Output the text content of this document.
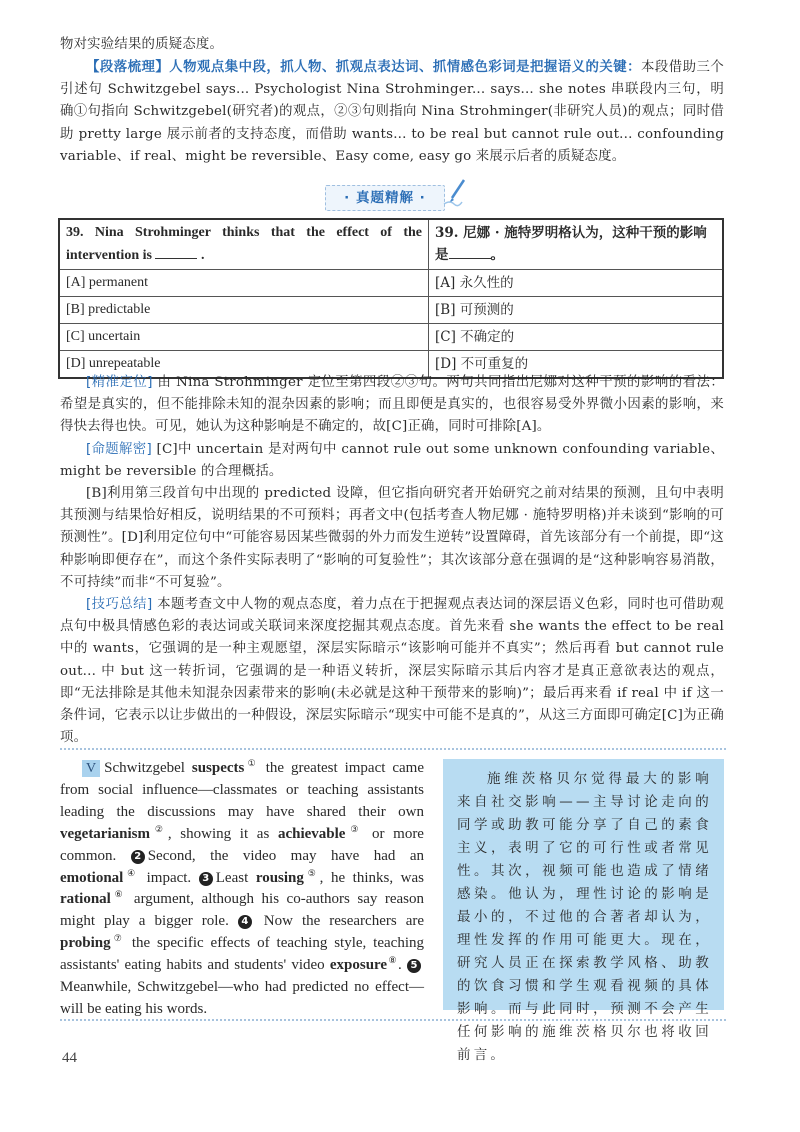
物对实验结果的质疑态度。
【段落梳理】人物观点集中段，抓人物、抓观点表达词、抓情感色彩词是把握语义的关键：本段借助三个引述句 Schwitzgebel says... Psychologist Nina Strohminger... says... she notes 串联段内三句，明确①句指向 Schwitzgebel(研究者)的观点，②③句则指向 Nina Strohminger(非研究人员)的观点；同时借助 pretty large 展示前者的支持态度，而借助 wants... to be real but cannot rule out... confounding variable、if real、might be reversible、Easy come, easy go 来展示后者的质疑态度。
· 真题精解 ·
39. Nina Strohminger thinks that the effect of the intervention is .	39. 尼娜 · 施特罗明格认为，这种干预的影响是 。
[A] permanent	[A] 永久性的
[B] predictable	[B] 可预测的
[C] uncertain	[C] 不确定的
[D] unrepeatable	[D] 不可重复的
[精准定位] 由 Nina Strohminger 定位至第四段②③句。两句共同指出尼娜对这种干预的影响的看法：希望是真实的，但不能排除未知的混杂因素的影响；而且即便是真实的，也很容易受外界微小因素的影响，来得快去得也快。可见，她认为这种影响是不确定的，故[C]正确，同时可排除[A]。
[命题解密] [C]中 uncertain 是对两句中 cannot rule out some unknown confounding variable、might be reversible 的合理概括。
[B]利用第三段首句中出现的 predicted 设障，但它指向研究者开始研究之前对结果的预测，且句中表明其预测与结果恰好相反，说明结果的不可预料；再者文中(包括考查人物尼娜 · 施特罗明格)并未谈到“影响的可预测性”。[D]利用定位句中“可能容易因某些微弱的外力而发生逆转”设置障碍，首先该部分有一个前提，即“这种影响即便存在”，而这个条件实际表明了“影响的可复验性”；其次该部分意在强调的是“这种影响容易消散，不可持续”而非“不可复验”。
[技巧总结] 本题考查文中人物的观点态度，着力点在于把握观点表达词的深层语义色彩，同时也可借助观点句中极具情感色彩的表达词或关联词来深度挖掘其观点态度。首先来看 she wants the effect to be real 中的 wants，它强调的是一种主观愿望，深层实际暗示“该影响可能并不真实”；然后再看 but cannot rule out... 中 but 这一转折词，它强调的是一种语义转折，深层实际暗示其后内容才是真正意欲表达的观点，即“无法排除是其他未知混杂因素带来的影响(未必就是这种干预带来的影响)”；最后再来看 if real 中 if 这一条件词，它表示以让步做出的一种假设，深层实际暗示“现实中可能不是真的”，从这三方面即可确定[C]为正确项。
V Schwitzgebel suspects① the greatest impact came from social influence—classmates or teaching assistants leading the discussions may have shared their own vegetarianism②, showing it as achievable③ or more common. 2 Second, the video may have had an emotional④ impact. 3 Least rousing⑤, he thinks, was rational⑥ argument, although his co-authors say reason might play a bigger role. 4 Now the researchers are probing⑦ the specific effects of teaching style, teaching assistants' eating habits and students' video exposure⑧. 5 Meanwhile, Schwitzgebel—who had predicted no effect—will be eating his words.
施维茨格贝尔觉得最大的影响来自社交影响——主导讨论走向的同学或助教可能分享了自己的素食主义，表明了它的可行性或者常见性。其次，视频可能也造成了情绪感染。他认为，理性讨论的影响是最小的，不过他的合著者却认为，理性发挥的作用可能更大。现在，研究人员正在探索教学风格、助教的饮食习惯和学生观看视频的具体影响。而与此同时，预测不会产生任何影响的施维茨格贝尔也将收回前言。
44
